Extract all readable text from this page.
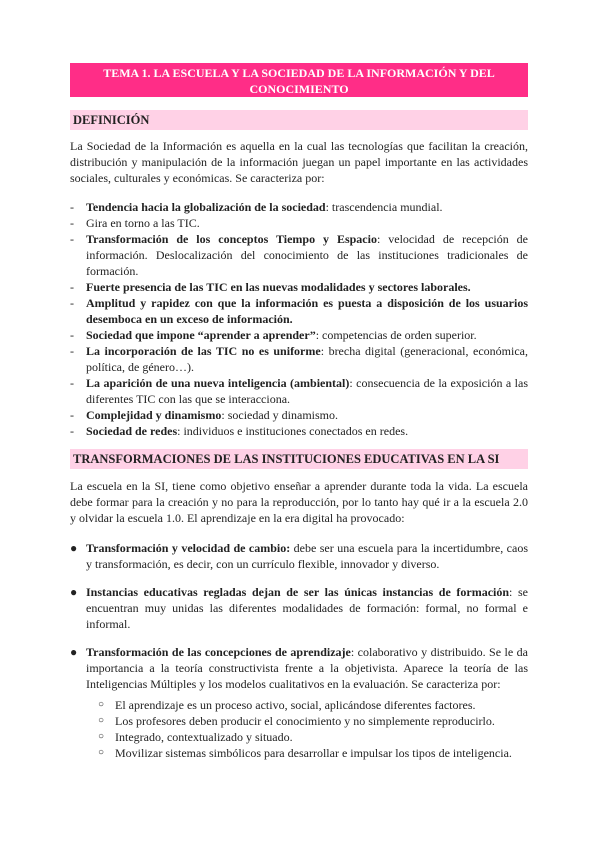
TEMA 1. LA ESCUELA Y LA SOCIEDAD DE LA INFORMACIÓN Y DEL CONOCIMIENTO
DEFINICIÓN
La Sociedad de la Información es aquella en la cual las tecnologías que facilitan la creación, distribución y manipulación de la información juegan un papel importante en las actividades sociales, culturales y económicas. Se caracteriza por:
- Tendencia hacia la globalización de la sociedad: trascendencia mundial.
- Gira en torno a las TIC.
- Transformación de los conceptos Tiempo y Espacio: velocidad de recepción de información. Deslocalización del conocimiento de las instituciones tradicionales de formación.
- Fuerte presencia de las TIC en las nuevas modalidades y sectores laborales.
- Amplitud y rapidez con que la información es puesta a disposición de los usuarios desemboca en un exceso de información.
- Sociedad que impone “aprender a aprender”: competencias de orden superior.
- La incorporación de las TIC no es uniforme: brecha digital (generacional, económica, política, de género…).
- La aparición de una nueva inteligencia (ambiental): consecuencia de la exposición a las diferentes TIC con las que se interacciona.
- Complejidad y dinamismo: sociedad y dinamismo.
- Sociedad de redes: individuos e instituciones conectados en redes.
TRANSFORMACIONES DE LAS INSTITUCIONES EDUCATIVAS EN LA SI
La escuela en la SI, tiene como objetivo enseñar a aprender durante toda la vida. La escuela debe formar para la creación y no para la reproducción, por lo tanto hay qué ir a la escuela 2.0 y olvidar la escuela 1.0. El aprendizaje en la era digital ha provocado:
● Transformación y velocidad de cambio: debe ser una escuela para la incertidumbre, caos y transformación, es decir, con un currículo flexible, innovador y diverso.
● Instancias educativas regladas dejan de ser las únicas instancias de formación: se encuentran muy unidas las diferentes modalidades de formación: formal, no formal e informal.
● Transformación de las concepciones de aprendizaje: colaborativo y distribuido. Se le da importancia a la teoría constructivista frente a la objetivista. Aparece la teoría de las Inteligencias Múltiples y los modelos cualitativos en la evaluación. Se caracteriza por:
○ El aprendizaje es un proceso activo, social, aplicándose diferentes factores.
○ Los profesores deben producir el conocimiento y no simplemente reproducirlo.
○ Integrado, contextualizado y situado.
○ Movilizar sistemas simbólicos para desarrollar e impulsar los tipos de inteligencia.
